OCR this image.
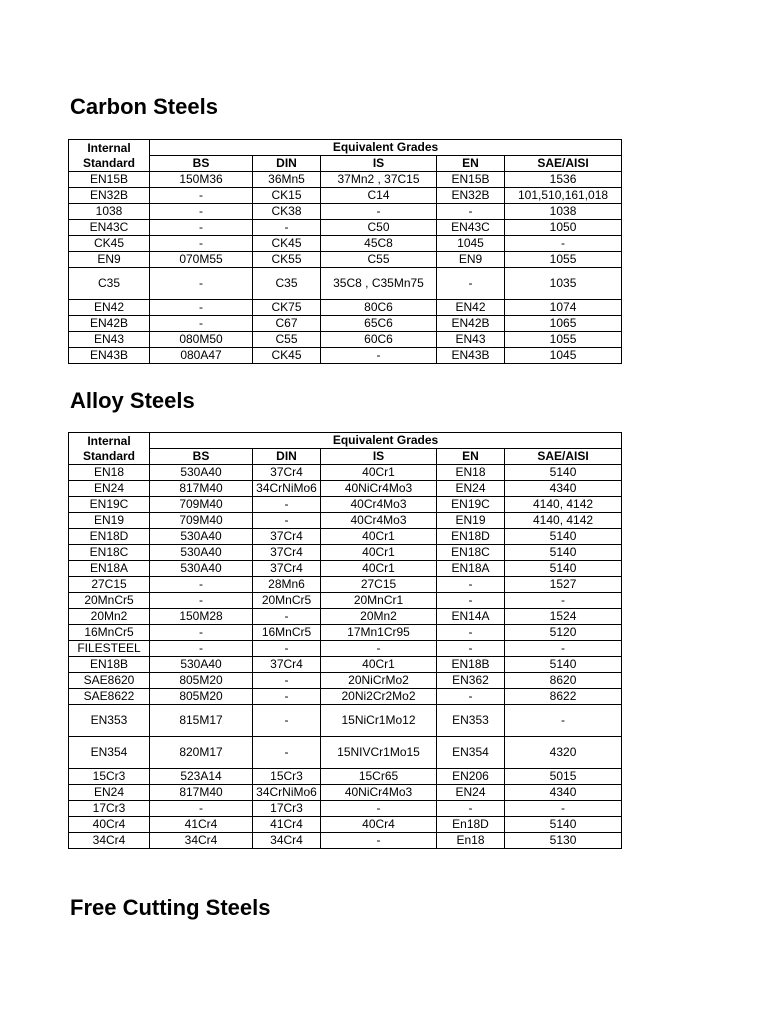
Carbon Steels
Internal
Standard	Equivalent Grades				
	BS	DIN	IS	EN	SAE/AISI
EN15B	150M36	36Mn5	37Mn2 , 37C15	EN15B	1536
EN32B	-	CK15	C14	EN32B	101,510,161,018
1038	-	CK38	-	-	1038
EN43C	-	-	C50	EN43C	1050
CK45	-	CK45	45C8	1045	-
EN9	070M55	CK55	C55	EN9	1055
C35	-	C35	35C8 , C35Mn75	-	1035
EN42	-	CK75	80C6	EN42	1074
EN42B	-	C67	65C6	EN42B	1065
EN43	080M50	C55	60C6	EN43	1055
EN43B	080A47	CK45	-	EN43B	1045
Alloy Steels
Internal
Standard	Equivalent Grades				
	BS	DIN	IS	EN	SAE/AISI
EN18	530A40	37Cr4	40Cr1	EN18	5140
EN24	817M40	34CrNiMo6	40NiCr4Mo3	EN24	4340
EN19C	709M40	-	40Cr4Mo3	EN19C	4140, 4142
EN19	709M40	-	40Cr4Mo3	EN19	4140, 4142
EN18D	530A40	37Cr4	40Cr1	EN18D	5140
EN18C	530A40	37Cr4	40Cr1	EN18C	5140
EN18A	530A40	37Cr4	40Cr1	EN18A	5140
27C15	-	28Mn6	27C15	-	1527
20MnCr5	-	20MnCr5	20MnCr1	-	-
20Mn2	150M28	-	20Mn2	EN14A	1524
16MnCr5	-	16MnCr5	17Mn1Cr95	-	5120
FILESTEEL	-	-	-	-	-
EN18B	530A40	37Cr4	40Cr1	EN18B	5140
SAE8620	805M20	-	20NiCrMo2	EN362	8620
SAE8622	805M20	-	20Ni2Cr2Mo2	-	8622
EN353	815M17	-	15NiCr1Mo12	EN353	-
EN354	820M17	-	15NIVCr1Mo15	EN354	4320
15Cr3	523A14	15Cr3	15Cr65	EN206	5015
EN24	817M40	34CrNiMo6	40NiCr4Mo3	EN24	4340
17Cr3	-	17Cr3	-	-	-
40Cr4	41Cr4	41Cr4	40Cr4	En18D	5140
34Cr4	34Cr4	34Cr4	-	En18	5130
Free Cutting Steels
